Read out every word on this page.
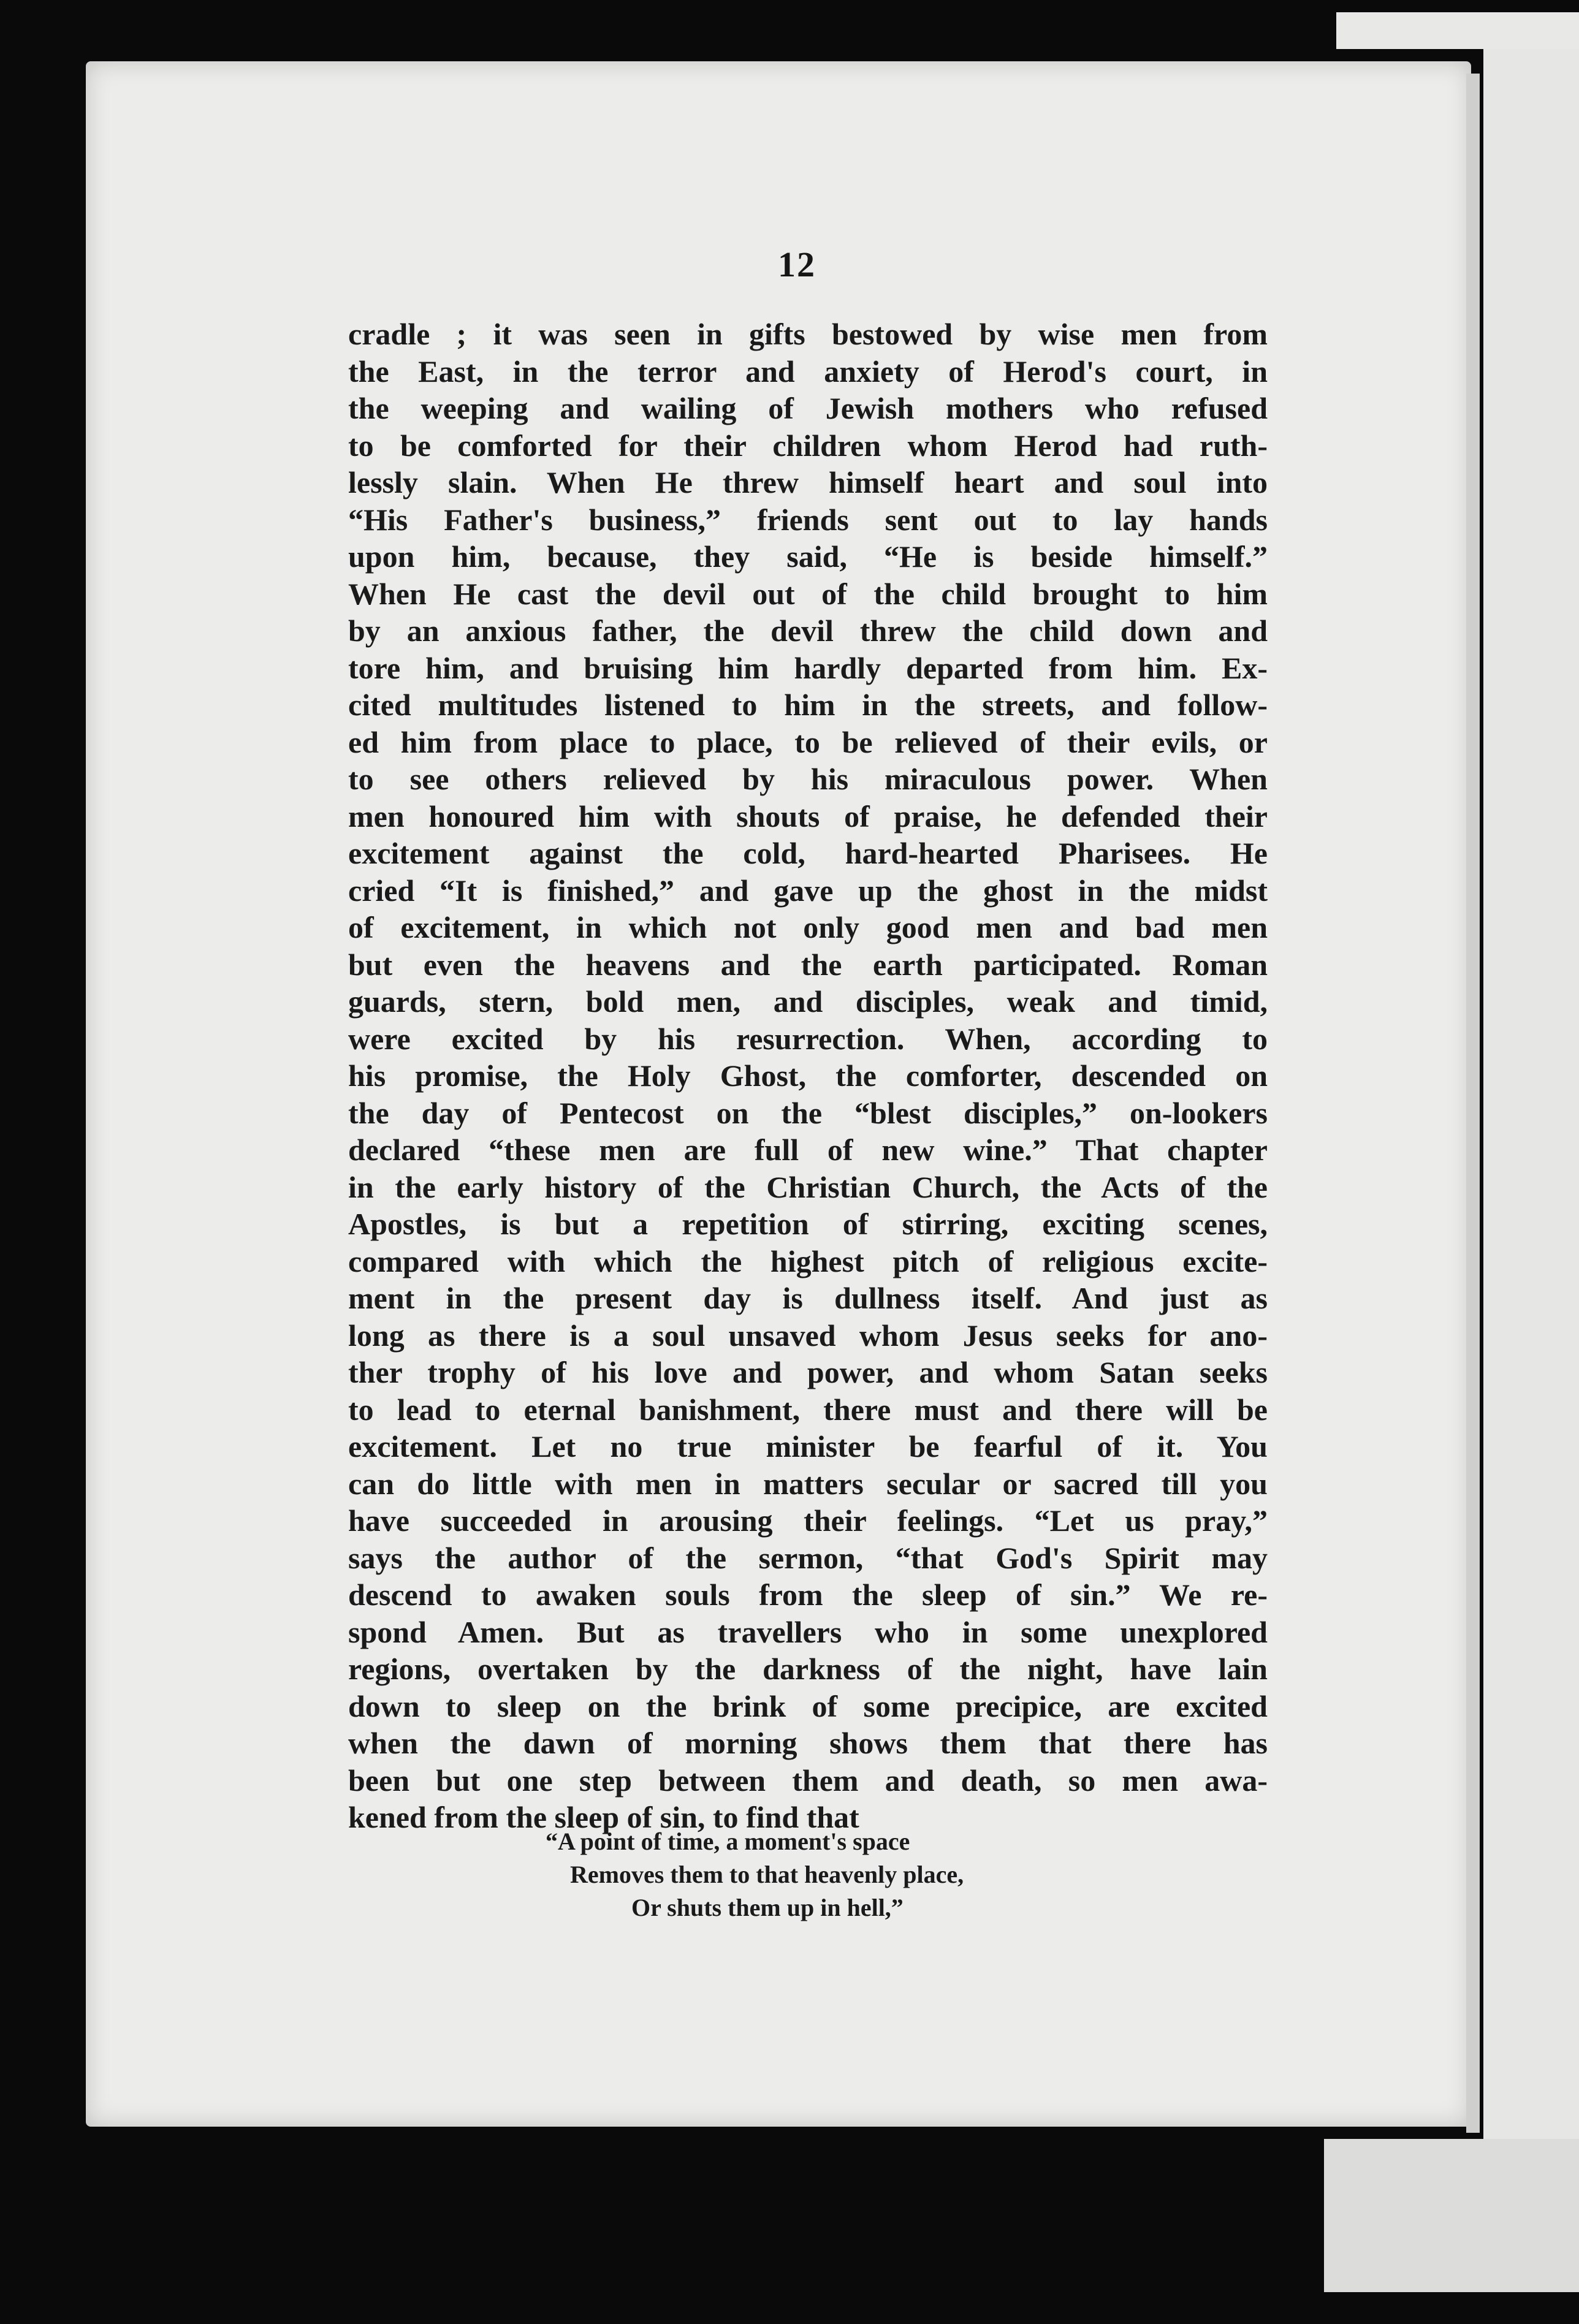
12
cradle ; it was seen in gifts bestowed by wise men from
the East, in the terror and anxiety of Herod's court, in
the weeping and wailing of Jewish mothers who refused
to be comforted for their children whom Herod had ruth-
lessly slain. When He threw himself heart and soul into
“His Father's business,” friends sent out to lay hands
upon him, because, they said, “He is beside himself.”
When He cast the devil out of the child brought to him
by an anxious father, the devil threw the child down and
tore him, and bruising him hardly departed from him. Ex-
cited multitudes listened to him in the streets, and follow-
ed him from place to place, to be relieved of their evils, or
to see others relieved by his miraculous power. When
men honoured him with shouts of praise, he defended their
excitement against the cold, hard-hearted Pharisees. He
cried “It is finished,” and gave up the ghost in the midst
of excitement, in which not only good men and bad men
but even the heavens and the earth participated. Roman
guards, stern, bold men, and disciples, weak and timid,
were excited by his resurrection. When, according to
his promise, the Holy Ghost, the comforter, descended on
the day of Pentecost on the “blest disciples,” on-lookers
declared “these men are full of new wine.” That chapter
in the early history of the Christian Church, the Acts of the
Apostles, is but a repetition of stirring, exciting scenes,
compared with which the highest pitch of religious excite-
ment in the present day is dullness itself. And just as
long as there is a soul unsaved whom Jesus seeks for ano-
ther trophy of his love and power, and whom Satan seeks
to lead to eternal banishment, there must and there will be
excitement. Let no true minister be fearful of it. You
can do little with men in matters secular or sacred till you
have succeeded in arousing their feelings. “Let us pray,”
says the author of the sermon, “that God's Spirit may
descend to awaken souls from the sleep of sin.” We re-
spond Amen. But as travellers who in some unexplored
regions, overtaken by the darkness of the night, have lain
down to sleep on the brink of some precipice, are excited
when the dawn of morning shows them that there has
been but one step between them and death, so men awa-
kened from the sleep of sin, to find that
“A point of time, a moment's space
Removes them to that heavenly place,
Or shuts them up in hell,”
